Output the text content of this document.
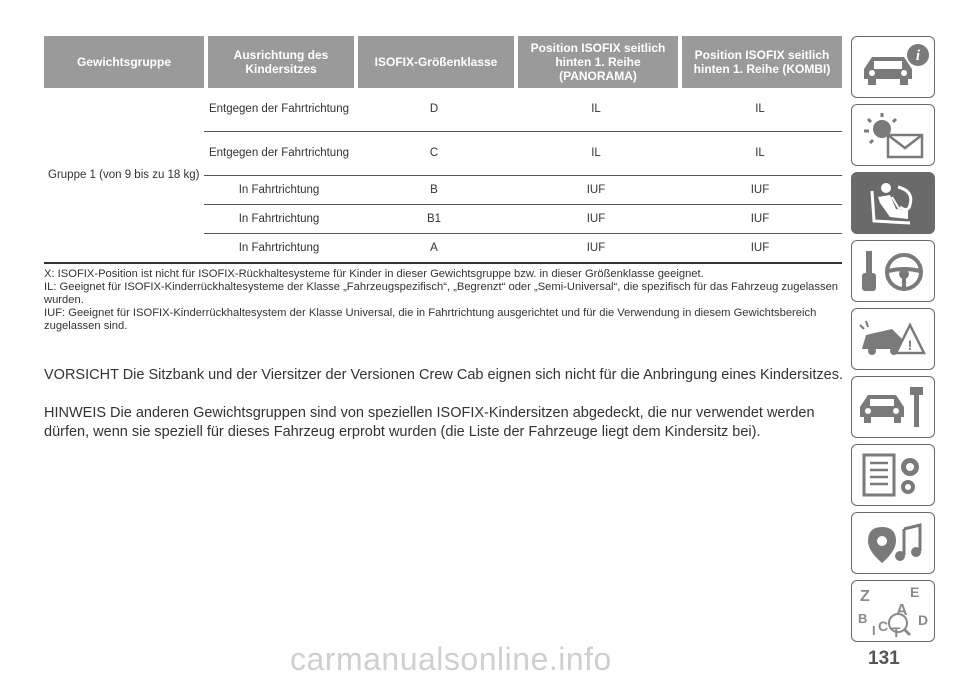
Gewichtsgruppe	Ausrichtung des Kindersitzes	ISOFIX-Größenklasse	Position ISOFIX seitlich hinten 1. Reihe (PANORAMA)	Position ISOFIX seitlich hinten 1. Reihe (KOMBI)
Gruppe 1 (von 9 bis zu 18 kg)	Entgegen der Fahrtrichtung	D	IL	IL
	Entgegen der Fahrtrichtung	C	IL	IL
	In Fahrtrichtung	B	IUF	IUF
	In Fahrtrichtung	B1	IUF	IUF
	In Fahrtrichtung	A	IUF	IUF

X: ISOFIX-Position ist nicht für ISOFIX-Rückhaltesysteme für Kinder in dieser Gewichtsgruppe bzw. in dieser Größenklasse geeignet.

IL: Geeignet für ISOFIX-Kinderrückhaltesysteme der Klasse „Fahrzeugspezifisch“, „Begrenzt“ oder „Semi-Universal“, die spezifisch für das Fahrzeug zugelassen wurden.

IUF: Geeignet für ISOFIX-Kinderrückhaltesystem der Klasse Universal, die in Fahrtrichtung ausgerichtet und für die Verwendung in diesem Gewichtsbereich zugelassen sind.

VORSICHT Die Sitzbank und der Viersitzer der Versionen Crew Cab eignen sich nicht für die Anbringung eines Kindersitzes.

HINWEIS Die anderen Gewichtsgruppen sind von speziellen ISOFIX-Kindersitzen abgedeckt, die nur verwendet werden dürfen, wenn sie speziell für dieses Fahrzeug erprobt wurden (die Liste der Fahrzeuge liegt dem Kindersitz bei).

i
!
Z	E
A
B C D
T
I
carmanualsonline.info	131
